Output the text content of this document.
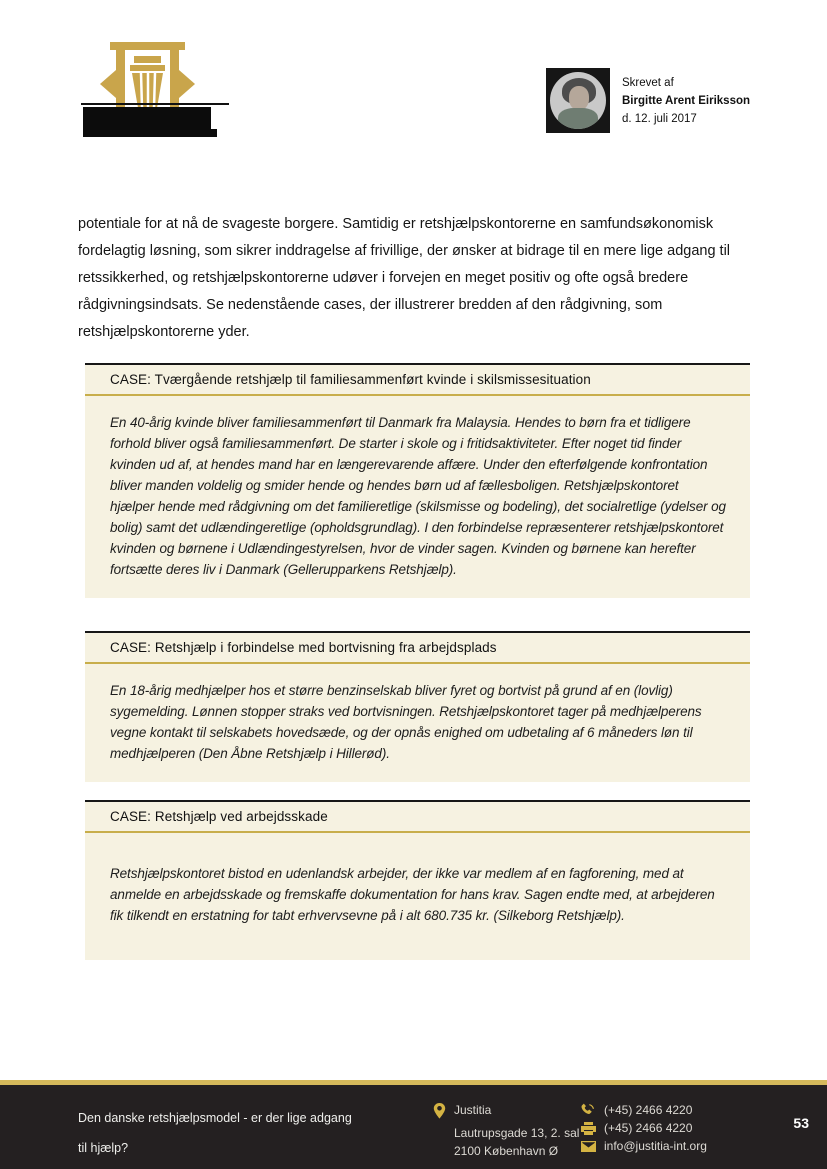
Skrevet af
Birgitte Arent Eiriksson
d. 12. juli 2017

potentiale for at nå de svageste borgere. Samtidig er retshjælpskontorerne en samfundsøkonomisk fordelagtig løsning, som sikrer inddragelse af frivillige, der ønsker at bidrage til en mere lige adgang til retssikkerhed, og retshjælpskontorerne udøver i forvejen en meget positiv og ofte også bredere rådgivningsindsats. Se nedenstående cases, der illustrerer bredden af den rådgivning, som retshjælpskontorerne yder.

CASE: Tværgående retshjælp til familiesammenført kvinde i skilsmissesituation
En 40-årig kvinde bliver familiesammenført til Danmark fra Malaysia. Hendes to børn fra et tidligere forhold bliver også familiesammenført. De starter i skole og i fritidsaktiviteter. Efter noget tid finder kvinden ud af, at hendes mand har en længerevarende affære. Under den efterfølgende konfrontation bliver manden voldelig og smider hende og hendes børn ud af fællesboligen. Retshjælpskontoret hjælper hende med rådgivning om det familieretlige (skilsmisse og bodeling), det socialretlige (ydelser og bolig) samt det udlændingeretlige (opholdsgrundlag). I den forbindelse repræsenterer retshjælpskontoret kvinden og børnene i Udlændingestyrelsen, hvor de vinder sagen. Kvinden og børnene kan herefter fortsætte deres liv i Danmark (Gellerupparkens Retshjælp).
CASE: Retshjælp i forbindelse med bortvisning fra arbejdsplads
En 18-årig medhjælper hos et større benzinselskab bliver fyret og bortvist på grund af en (lovlig) sygemelding. Lønnen stopper straks ved bortvisningen. Retshjælpskontoret tager på medhjælperens vegne kontakt til selskabets hovedsæde, og der opnås enighed om udbetaling af 6 måneders løn til medhjælperen (Den Åbne Retshjælp i Hillerød).
CASE: Retshjælp ved arbejdsskade
Retshjælpskontoret bistod en udenlandsk arbejder, der ikke var medlem af en fagforening, med at anmelde en arbejdsskade og fremskaffe dokumentation for hans krav. Sagen endte med, at arbejderen fik tilkendt en erstatning for tabt erhvervsevne på i alt 680.735 kr. (Silkeborg Retshjælp).
Den danske retshjælpsmodel - er der lige adgang
til hjælp?
Justitia
Lautrupsgade 13, 2. sal
2100 København Ø
(+45) 2466 4220
(+45) 2466 4220
info@justitia-int.org
53
